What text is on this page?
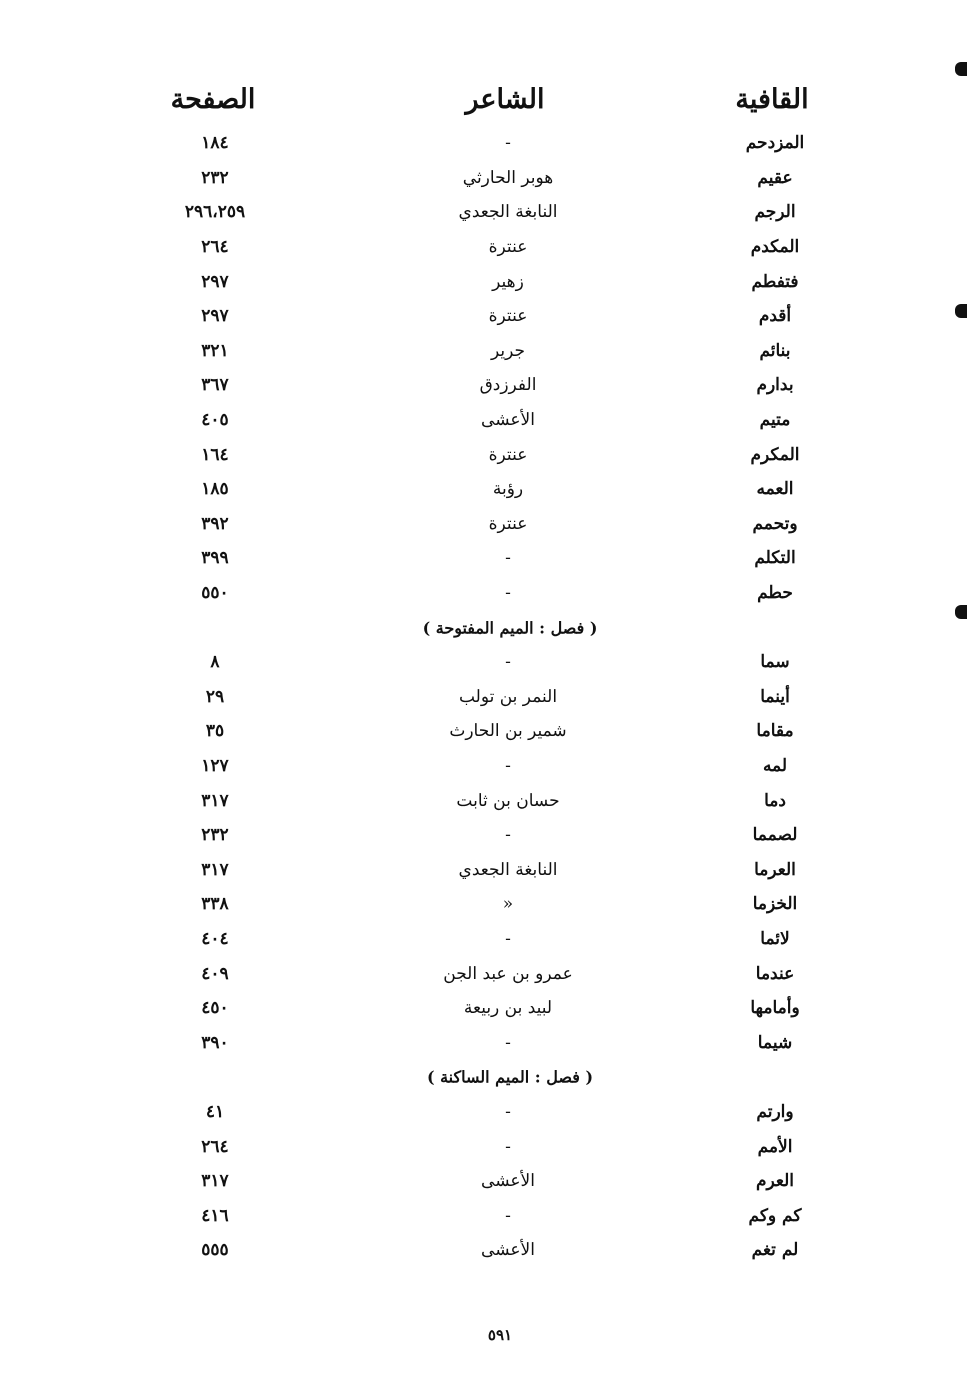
القافية
الشاعر
الصفحة
المزدحم
-
١٨٤
عقيم
هوبر الحارثي
٢٣٢
الرجم
النابغة الجعدي
٢٩٦،٢٥٩
المكدم
عنترة
٢٦٤
فتفطم
زهير
٢٩٧
أقدم
عنترة
٢٩٧
بنائم
جرير
٣٢١
بدارم
الفرزدق
٣٦٧
متيم
الأعشى
٤٠٥
المكرم
عنترة
١٦٤
العمه
رؤبة
١٨٥
وتحمم
عنترة
٣٩٢
التكلم
-
٣٩٩
حطم
-
٥٥٠
( فصل : الميم المفتوحة )
سما
-
٨
أينما
النمر بن تولب
٢٩
مقاما
شمير بن الحارث
٣٥
لمه
-
١٢٧
دما
حسان بن ثابت
٣١٧
لصمما
-
٢٣٢
العرما
النابغة الجعدي
٣١٧
الخزما
»
٣٣٨
لائما
-
٤٠٤
عندما
عمرو بن عبد الجن
٤٠٩
وأمامها
لبيد بن ربيعة
٤٥٠
شيما
-
٣٩٠
( فصل : الميم الساكنة )
وارتم
-
٤١
الأمم
-
٢٦٤
العرم
الأعشى
٣١٧
كم وكم
-
٤١٦
لم تغم
الأعشى
٥٥٥
٥٩١
